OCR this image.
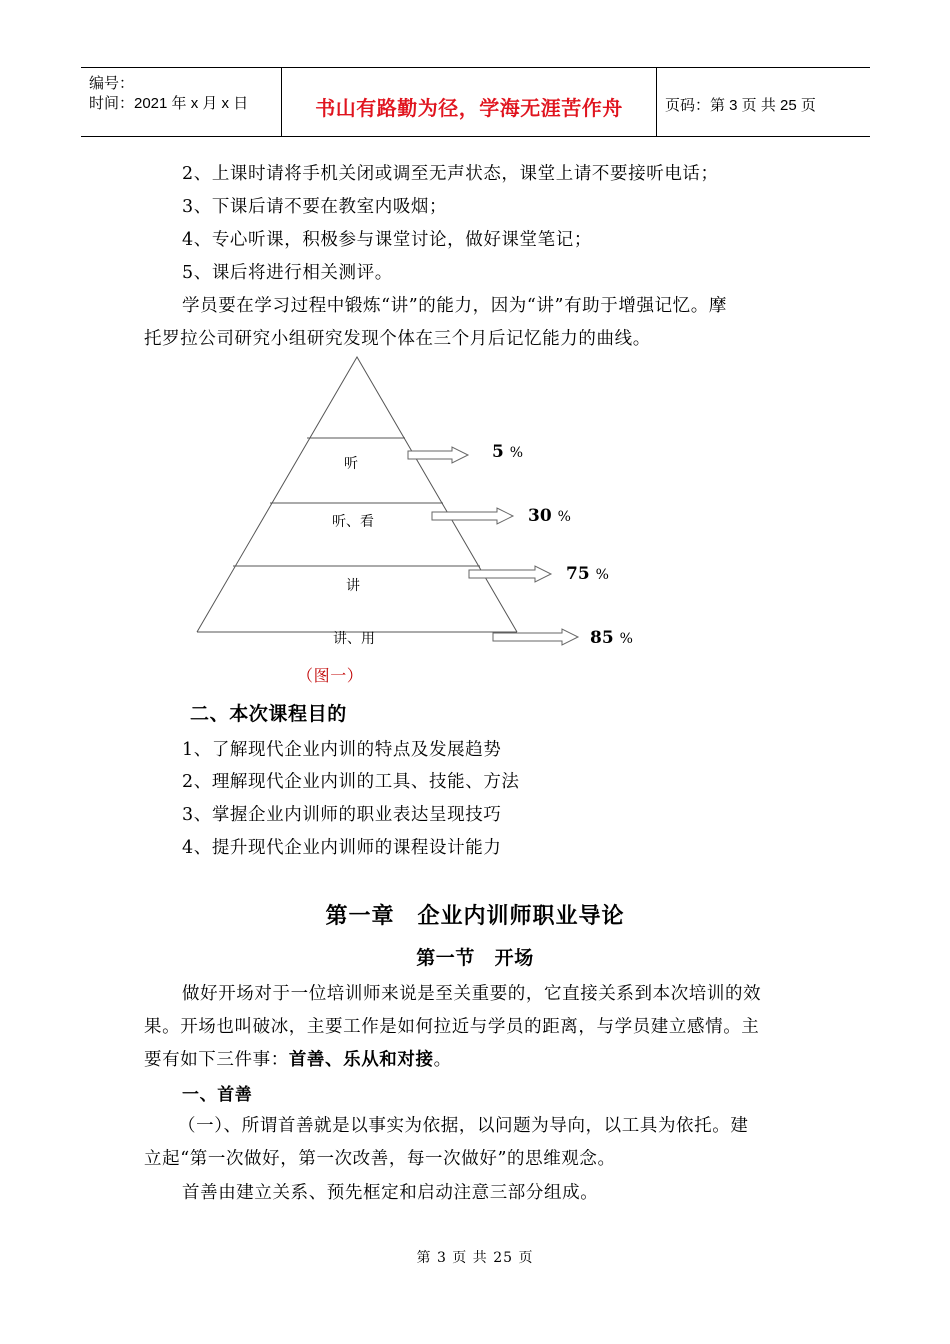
编号：
时间：2021 年 x 月 x 日	书山有路勤为径，学海无涯苦作舟	页码：第 3 页 共 25 页
2、上课时请将手机关闭或调至无声状态，课堂上请不要接听电话；
3、下课后请不要在教室内吸烟；
4、专心听课，积极参与课堂讨论，做好课堂笔记；
5、课后将进行相关测评。
学员要在学习过程中锻炼“讲”的能力，因为“讲”有助于增强记忆。摩
托罗拉公司研究小组研究发现个体在三个月后记忆能力的曲线。
听
听、看
讲
讲、用
5 %
30 %
75 %
85 %
（图一）
二、本次课程目的
1、了解现代企业内训的特点及发展趋势
2、理解现代企业内训的工具、技能、方法
3、掌握企业内训师的职业表达呈现技巧
4、提升现代企业内训师的课程设计能力
第一章　企业内训师职业导论
第一节　开场
做好开场对于一位培训师来说是至关重要的，它直接关系到本次培训的效
果。开场也叫破冰，主要工作是如何拉近与学员的距离，与学员建立感情。主
要有如下三件事：首善、乐从和对接。
一、首善
（一）、所谓首善就是以事实为依据，以问题为导向，以工具为依托。建
立起“第一次做好，第一次改善，每一次做好”的思维观念。
首善由建立关系、预先框定和启动注意三部分组成。
第 3 页 共 25 页
